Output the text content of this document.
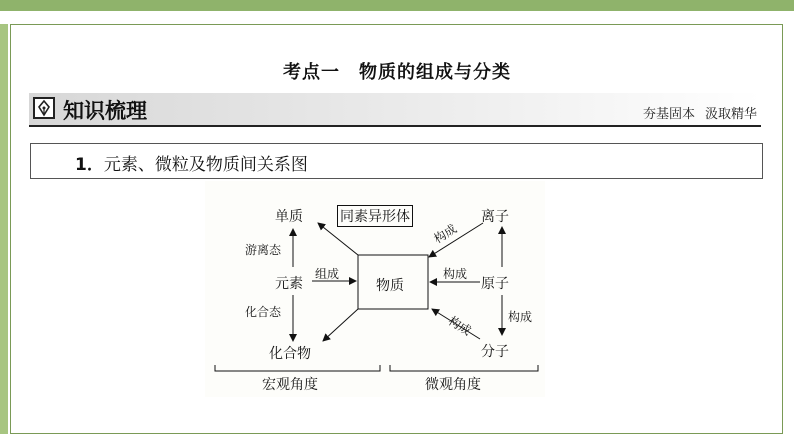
考点一　物质的组成与分类
知识梳理	夯基固本 汲取精华
1．元素、微粒及物质间关系图
单质	同素异形体	离子
游离态
构成
元素
组成
物质
构成
原子
化合态
构成	构成
化合物	分子
宏观角度	微观角度
